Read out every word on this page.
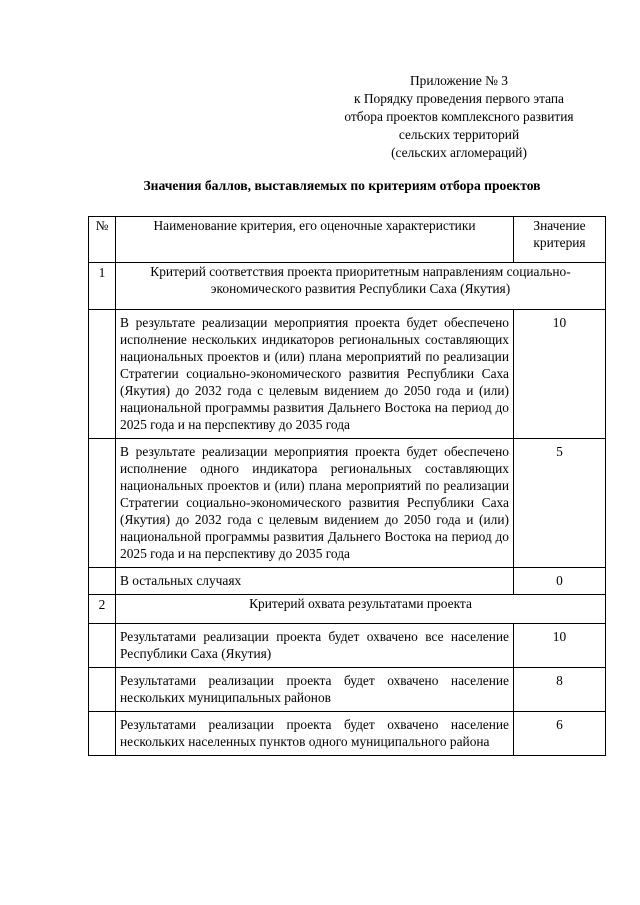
Приложение № 3
к Порядку проведения первого этапа
отбора проектов комплексного развития
сельских территорий
(сельских агломераций)
Значения баллов, выставляемых по критериям отбора проектов
№	Наименование критерия, его оценочные характеристики	Значение критерия
1	Критерий соответствия проекта приоритетным направлениям социально-экономического развития Республики Саха (Якутия)	
	В результате реализации мероприятия проекта будет обеспечено исполнение нескольких индикаторов региональных составляющих национальных проектов и (или) плана мероприятий по реализации Стратегии социально-экономического развития Республики Саха (Якутия) до 2032 года с целевым видением до 2050 года и (или) национальной программы развития Дальнего Востока на период до 2025 года и на перспективу до 2035 года	10
	В результате реализации мероприятия проекта будет обеспечено исполнение одного индикатора региональных составляющих национальных проектов и (или) плана мероприятий по реализации Стратегии социально-экономического развития Республики Саха (Якутия) до 2032 года с целевым видением до 2050 года и (или) национальной программы развития Дальнего Востока на период до 2025 года и на перспективу до 2035 года	5
	В остальных случаях	0
2	Критерий охвата результатами проекта	
	Результатами реализации проекта будет охвачено все население Республики Саха (Якутия)	10
	Результатами реализации проекта будет охвачено население нескольких муниципальных районов	8
	Результатами реализации проекта будет охвачено население нескольких населенных пунктов одного муниципального района	6
